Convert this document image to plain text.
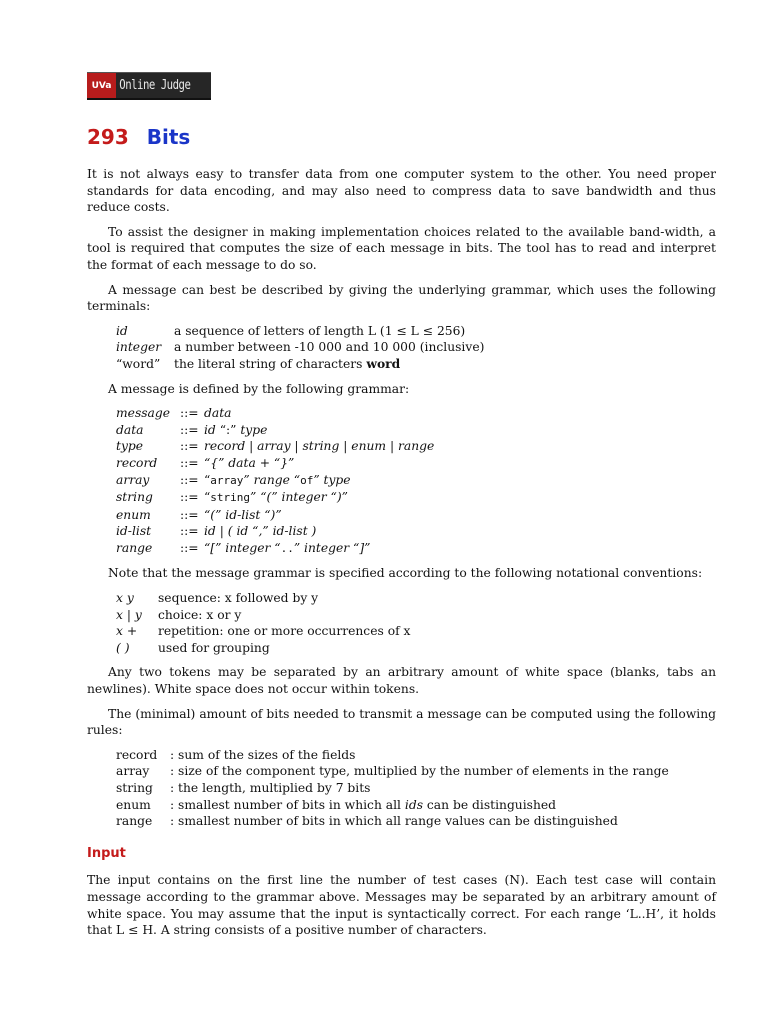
UVa Online Judge
293 Bits

It is not always easy to transfer data from one computer system to the other. You need proper standards for data encoding, and may also need to compress data to save bandwidth and thus reduce costs.

To assist the designer in making implementation choices related to the available band-width, a tool is required that computes the size of each message in bits. The tool has to read and interpret the format of each message to do so.

A message can best be described by giving the underlying grammar, which uses the following terminals:

id	a sequence of letters of length L (1 ≤ L ≤ 256)
integer	a number between -10 000 and 10 000 (inclusive)
“word”	the literal string of characters word

A message is defined by the following grammar:

message	::=	data
data	::=	id “:” type
type	::=	record | array | string | enum | range
record	::=	“{” data + “}”
array	::=	“array” range “of” type
string	::=	“string” “(” integer “)”
enum	::=	“(” id-list “)”
id-list	::=	id | ( id “,” id-list )
range	::=	“[” integer “..” integer “]”

Note that the message grammar is specified according to the following notational conventions:

x y	sequence: x followed by y
x | y	choice: x or y
x +	repetition: one or more occurrences of x
( )	used for grouping

Any two tokens may be separated by an arbitrary amount of white space (blanks, tabs an newlines). White space does not occur within tokens.

The (minimal) amount of bits needed to transmit a message can be computed using the following rules:

record	: sum of the sizes of the fields
array	: size of the component type, multiplied by the number of elements in the range
string	: the length, multiplied by 7 bits
enum	: smallest number of bits in which all ids can be distinguished
range	: smallest number of bits in which all range values can be distinguished
Input

The input contains on the first line the number of test cases (N). Each test case will contain message according to the grammar above. Messages may be separated by an arbitrary amount of white space. You may assume that the input is syntactically correct. For each range ‘L..H’, it holds that L ≤ H. A string consists of a positive number of characters.
